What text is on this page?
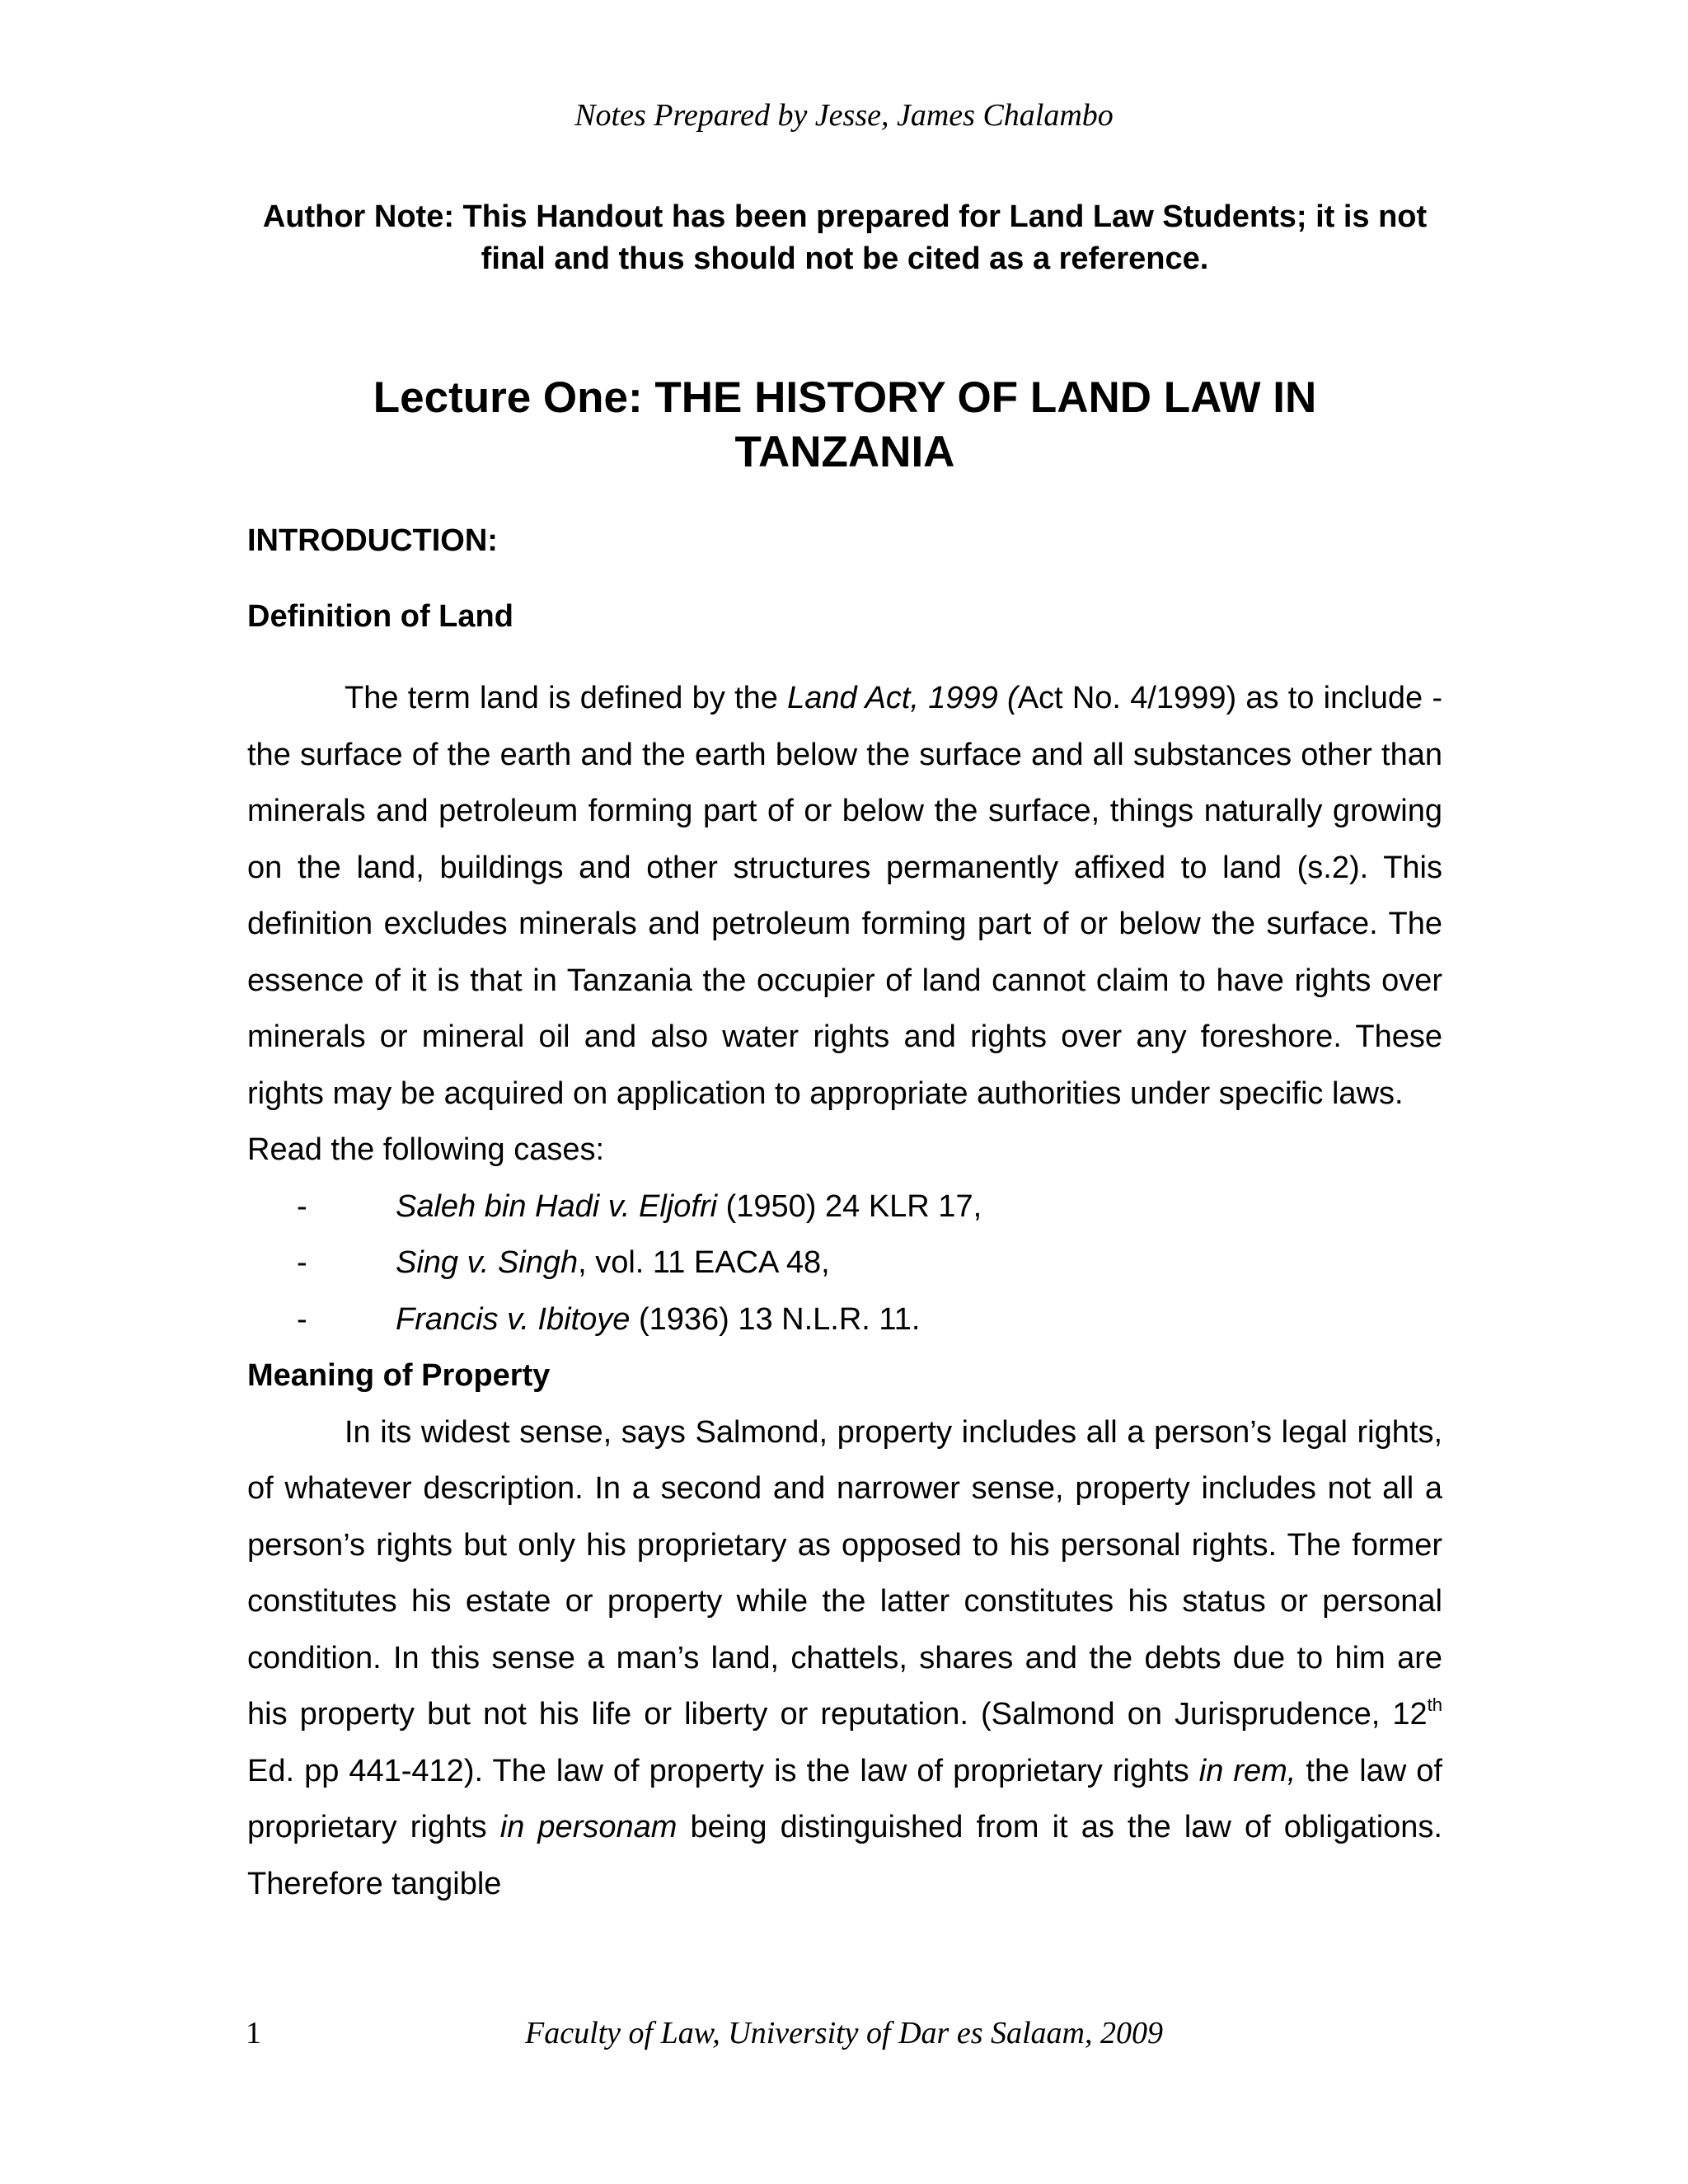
Notes Prepared by Jesse, James Chalambo
Author Note: This Handout has been prepared for Land Law Students; it is not final and thus should not be cited as a reference.
Lecture One: THE HISTORY OF LAND LAW IN
TANZANIA
INTRODUCTION:
Definition of Land

The term land is defined by the Land Act, 1999 (Act No. 4/1999) as to include - the surface of the earth and the earth below the surface and all substances other than minerals and petroleum forming part of or below the surface, things naturally growing on the land, buildings and other structures permanently affixed to land (s.2). This definition excludes minerals and petroleum forming part of or below the surface. The essence of it is that in Tanzania the occupier of land cannot claim to have rights over minerals or mineral oil and also water rights and rights over any foreshore. These rights may be acquired on application to appropriate authorities under specific laws.

Read the following cases:
-	Saleh bin Hadi v. Eljofri (1950) 24 KLR 17,
-	Sing v. Singh, vol. 11 EACA 48,
-	Francis v. Ibitoye (1936) 13 N.L.R. 11.
Meaning of Property

In its widest sense, says Salmond, property includes all a person’s legal rights, of whatever description. In a second and narrower sense, property includes not all a person’s rights but only his proprietary as opposed to his personal rights. The former constitutes his estate or property while the latter constitutes his status or personal condition. In this sense a man’s land, chattels, shares and the debts due to him are his property but not his life or liberty or reputation. (Salmond on Jurisprudence, 12th Ed. pp 441-412). The law of property is the law of proprietary rights in rem, the law of proprietary rights in personam being distinguished from it as the law of obligations. Therefore tangible

1	Faculty of Law, University of Dar es Salaam, 2009
